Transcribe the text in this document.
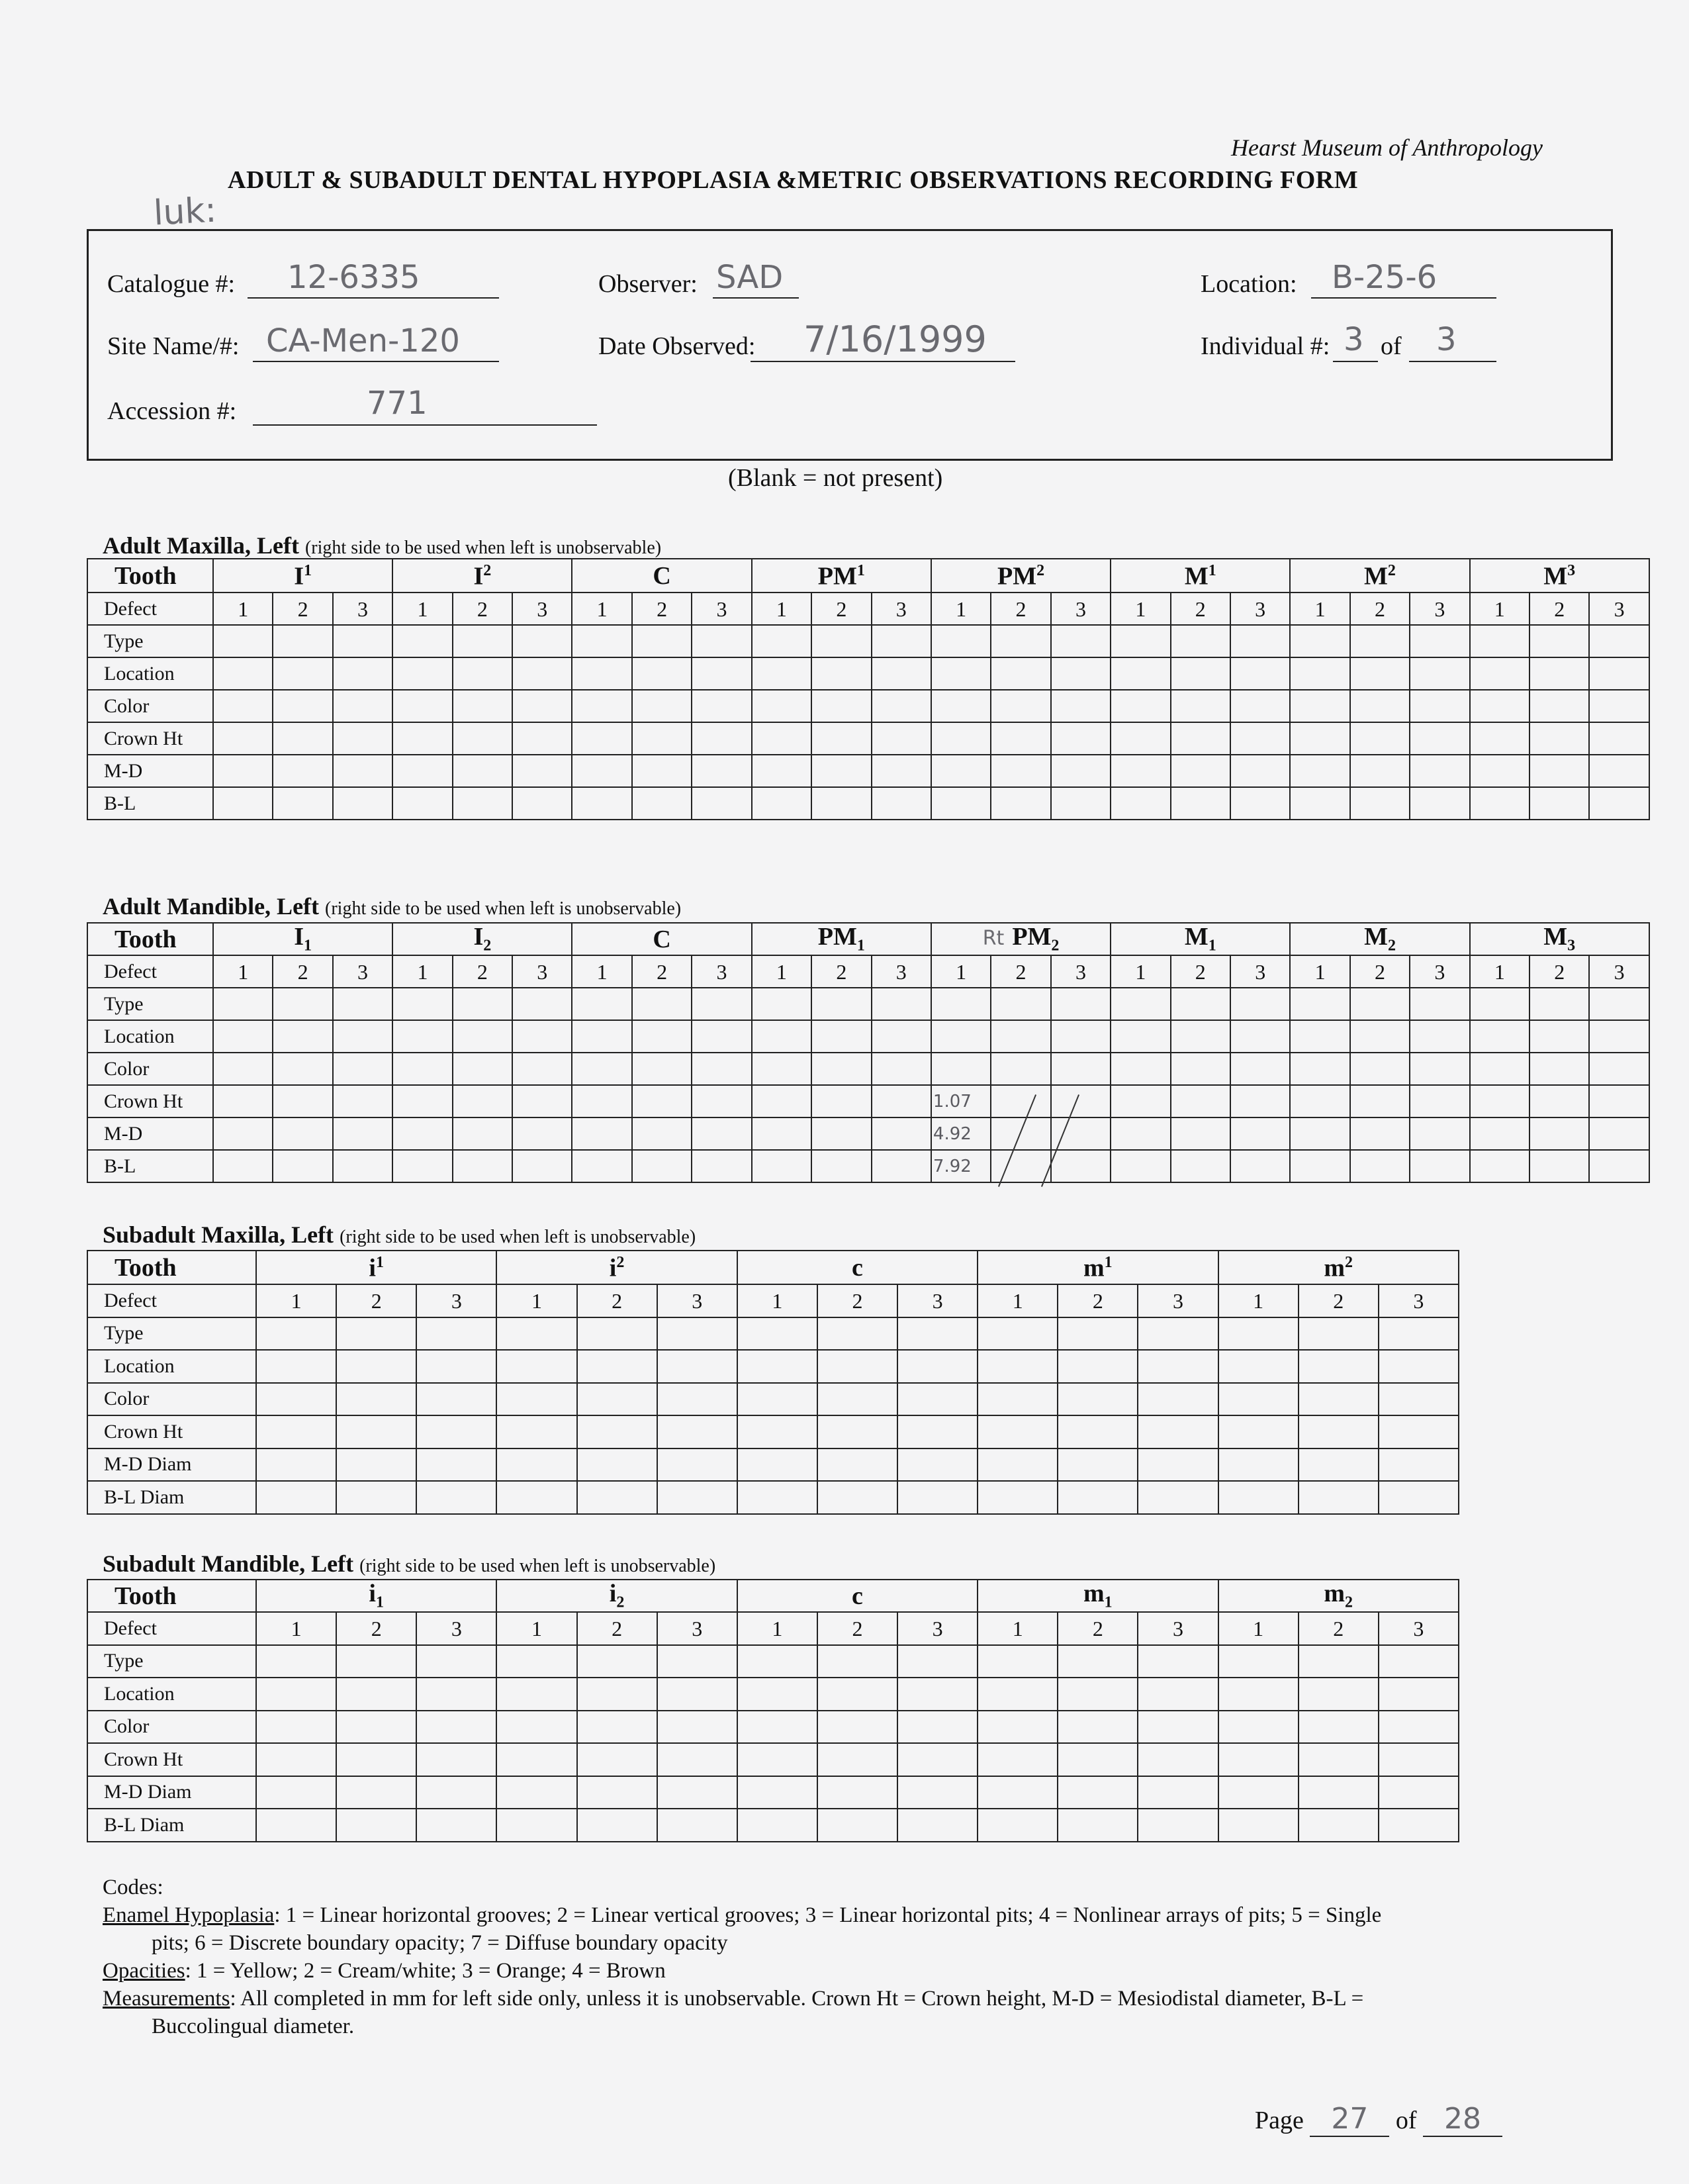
Hearst Museum of Anthropology
ADULT & SUBADULT DENTAL HYPOPLASIA &METRIC OBSERVATIONS RECORDING FORM
luk:
Catalogue #: 12-6335	Observer: SAD	Location: B-25-6
Site Name/#: CA-Men-120	Date Observed: 7/16/1999	Individual #: 3 of 3
Accession #:	771
(Blank = not present)
Adult Maxilla, Left (right side to be used when left is unobservable)
Adult Mandible, Left (right side to be used when left is unobservable)
Subadult Maxilla, Left (right side to be used when left is unobservable)
Subadult Mandible, Left (right side to be used when left is unobservable)
Tooth	$I^1$			$I^2$			C			$PM^1$			$PM^2$			$M^1$			$M^2$			$M^3$
Defect	1	2	3	1	2	3	1	2	3	1	2	3	1	2	3	1	2	3	1	2	3	1	2	3
Type																								
Location																								
Color																								
Crown Ht																								
M-D																								
B-L																								
Tooth	$I_1$			$I_2$			C			$PM_1$			Rt $PM_2$			$M_1$			$M_2$			$M_3$
Defect	1	2	3	1	2	3	1	2	3	1	2	3	1	2	3	1	2	3	1	2	3	1	2	3
Type																								
Location																								
Color																								
Crown Ht													1.07											
M-D													4.92											
B-L													7.92											
Tooth	$i^1$			$i^2$			c			$m^1$			$m^2$
Defect	1	2	3	1	2	3	1	2	3	1	2	3	1	2	3
Type															
Location															
Color															
Crown Ht															
M-D Diam															
B-L Diam															
Tooth	$i_1$			$i_2$			c			$m_1$			$m_2$
Defect	1	2	3	1	2	3	1	2	3	1	2	3	1	2	3
Type															
Location															
Color															
Crown Ht															
M-D Diam															
B-L Diam															

Codes:

Enamel Hypoplasia: 1 = Linear horizontal grooves; 2 = Linear vertical grooves; 3 = Linear horizontal pits; 4 = Nonlinear arrays of pits; 5 = Single

pits; 6 = Discrete boundary opacity; 7 = Diffuse boundary opacity

Opacities: 1 = Yellow; 2 = Cream/white; 3 = Orange; 4 = Brown

Measurements: All completed in mm for left side only, unless it is unobservable. Crown Ht = Crown height, M-D = Mesiodistal diameter, B-L =

Buccolingual diameter.

Page 27 of 28
